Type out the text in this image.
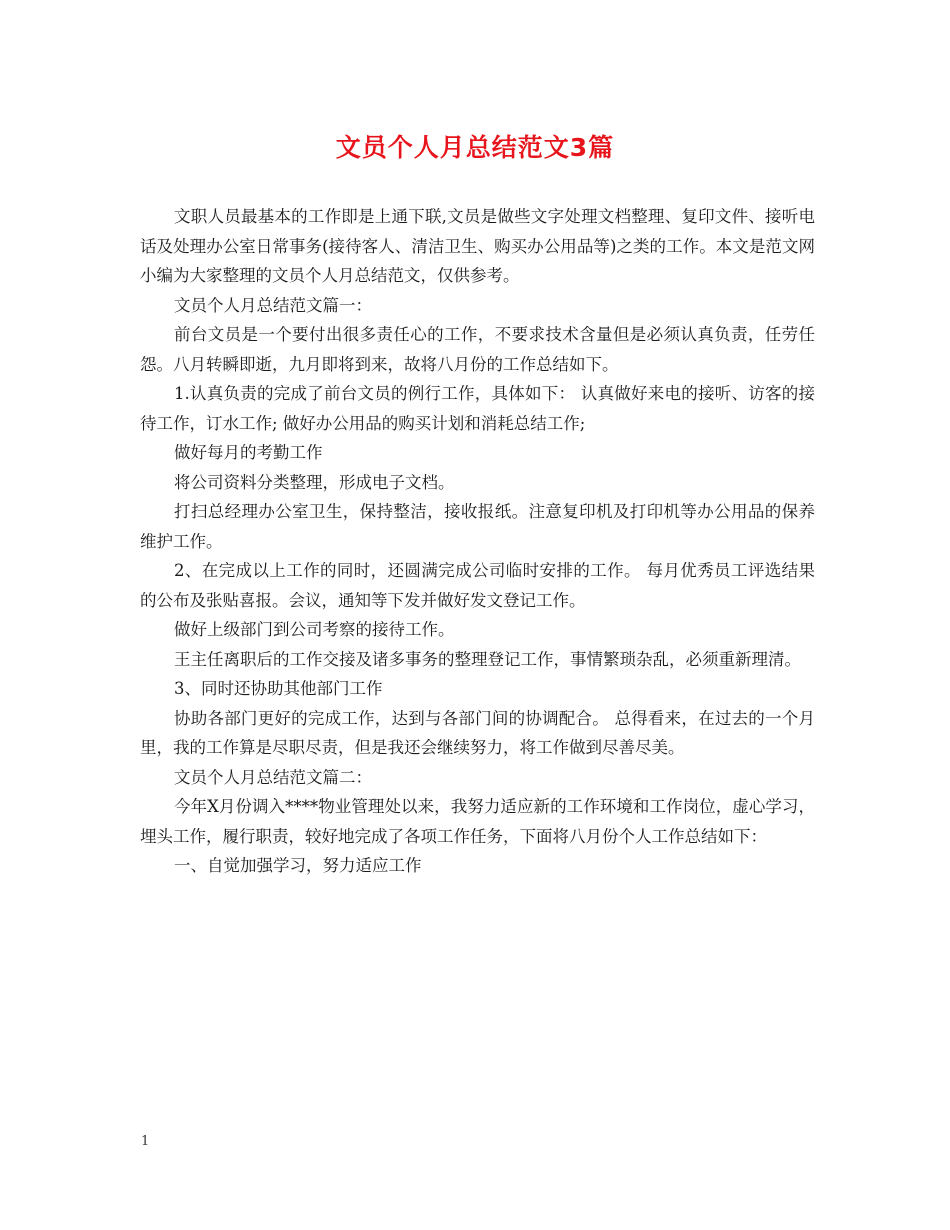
文员个人月总结范文3篇

文职人员最基本的工作即是上通下联,文员是做些文字处理文档整理、复印文件、接听电话及处理办公室日常事务(接待客人、清洁卫生、购买办公用品等)之类的工作。本文是范文网小编为大家整理的文员个人月总结范文，仅供参考。

文员个人月总结范文篇一：

前台文员是一个要付出很多责任心的工作，不要求技术含量但是必须认真负责，任劳任怨。八月转瞬即逝，九月即将到来，故将八月份的工作总结如下。

1.认真负责的完成了前台文员的例行工作，具体如下： 认真做好来电的接听、访客的接待工作，订水工作; 做好办公用品的购买计划和消耗总结工作;

做好每月的考勤工作

将公司资料分类整理，形成电子文档。

打扫总经理办公室卫生，保持整洁，接收报纸。注意复印机及打印机等办公用品的保养维护工作。

2、在完成以上工作的同时，还圆满完成公司临时安排的工作。 每月优秀员工评选结果的公布及张贴喜报。会议，通知等下发并做好发文登记工作。

做好上级部门到公司考察的接待工作。

王主任离职后的工作交接及诸多事务的整理登记工作，事情繁琐杂乱，必须重新理清。

3、同时还协助其他部门工作

协助各部门更好的完成工作，达到与各部门间的协调配合。 总得看来，在过去的一个月里，我的工作算是尽职尽责，但是我还会继续努力，将工作做到尽善尽美。

文员个人月总结范文篇二：

今年X月份调入****物业管理处以来，我努力适应新的工作环境和工作岗位，虚心学习，埋头工作，履行职责，较好地完成了各项工作任务，下面将八月份个人工作总结如下：

一、自觉加强学习，努力适应工作

1
